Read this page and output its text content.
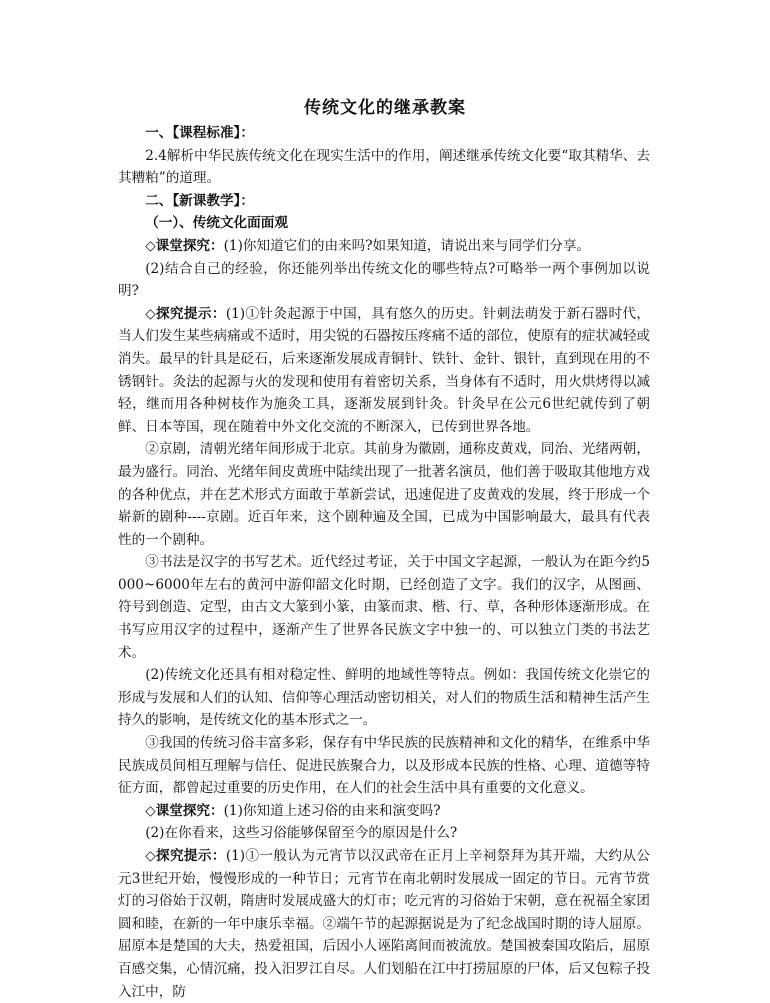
传统文化的继承教案

一、【课程标准】：

2.4解析中华民族传统文化在现实生活中的作用，阐述继承传统文化要“取其精华、去其糟粕”的道理。

二、【新课教学】：

（一）、传统文化面面观

◇课堂探究：(1)你知道它们的由来吗?如果知道，请说出来与同学们分享。

(2)结合自己的经验，你还能列举出传统文化的哪些特点?可略举一两个事例加以说明?

◇探究提示：(1)①针灸起源于中国，具有悠久的历史。针刺法萌发于新石器时代，当人们发生某些病痛或不适时，用尖锐的石器按压疼痛不适的部位，使原有的症状减轻或消失。最早的针具是砭石，后来逐渐发展成青铜针、铁针、金针、银针，直到现在用的不锈钢针。灸法的起源与火的发现和使用有着密切关系，当身体有不适时，用火烘烤得以减轻，继而用各种树枝作为施灸工具，逐渐发展到针灸。针灸早在公元6世纪就传到了朝鲜、日本等国，现在随着中外文化交流的不断深入，已传到世界各地。

②京剧，清朝光绪年间形成于北京。其前身为徽剧，通称皮黄戏，同治、光绪两朝，最为盛行。同治、光绪年间皮黄班中陆续出现了一批著名演员，他们善于吸取其他地方戏的各种优点，并在艺术形式方面敢于革新尝试，迅速促进了皮黄戏的发展，终于形成一个崭新的剧种----京剧。近百年来，这个剧种遍及全国，已成为中国影响最大，最具有代表性的一个剧种。

③书法是汉字的书写艺术。近代经过考证，关于中国文字起源，一般认为在距今约5000~6000年左右的黄河中游仰韶文化时期，已经创造了文字。我们的汉字，从图画、符号到创造、定型，由古文大篆到小篆，由篆而隶、楷、行、草，各种形体逐渐形成。在书写应用汉字的过程中，逐渐产生了世界各民族文字中独一的、可以独立门类的书法艺术。

(2)传统文化还具有相对稳定性、鲜明的地域性等特点。例如：我国传统文化崇它的形成与发展和人们的认知、信仰等心理活动密切相关，对人们的物质生活和精神生活产生持久的影响，是传统文化的基本形式之一。

③我国的传统习俗丰富多彩，保存有中华民族的民族精神和文化的精华，在维系中华民族成员间相互理解与信任、促进民族聚合力，以及形成本民族的性格、心理、道德等特征方面，都曾起过重要的历史作用，在人们的社会生活中具有重要的文化意义。

◇课堂探究：(1)你知道上述习俗的由来和演变吗?

(2)在你看来，这些习俗能够保留至今的原因是什么?

◇探究提示：(1)①一般认为元宵节以汉武帝在正月上辛祠祭拜为其开端，大约从公元3世纪开始，慢慢形成的一种节日；元宵节在南北朝时发展成一固定的节日。元宵节赏灯的习俗始于汉朝，隋唐时发展成盛大的灯市；吃元宵的习俗始于宋朝，意在祝福全家团圆和睦，在新的一年中康乐幸福。②端午节的起源据说是为了纪念战国时期的诗人屈原。屈原本是楚国的大夫，热爱祖国，后因小人诬陷离间而被流放。楚国被秦国攻陷后，屈原百感交集，心情沉痛，投入汨罗江自尽。人们划船在江中打捞屈原的尸体，后又包粽子投入江中，防
